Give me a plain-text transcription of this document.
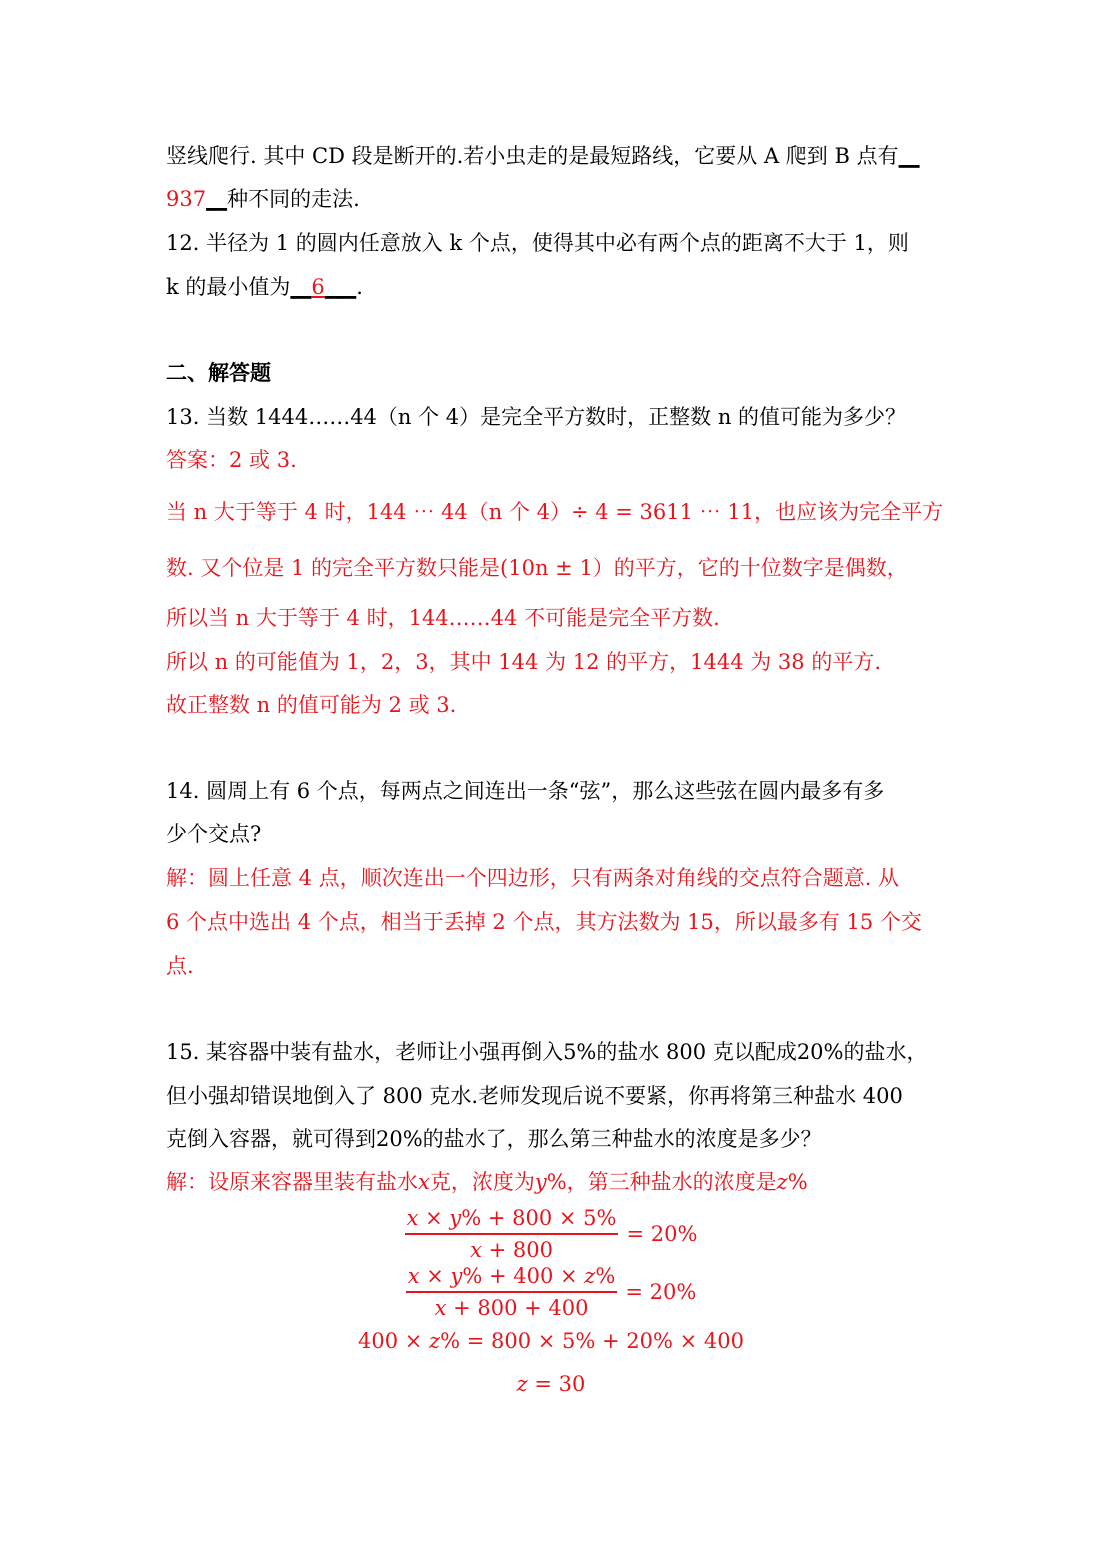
竖线爬行. 其中 CD 段是断开的.若小虫走的是最短路线，它要从 A 爬到 B 点有__
937__种不同的走法.
12. 半径为 1 的圆内任意放入 k 个点，使得其中必有两个点的距离不大于 1，则
k 的最小值为__6___.
二、解答题
13. 当数 1444……44（n 个 4）是完全平方数时，正整数 n 的值可能为多少？
答案：2 或 3.
当 n 大于等于 4 时，144 ⋯ 44（n 个 4）÷ 4 = 3611 ⋯ 11，也应该为完全平方
数. 又个位是 1 的完全平方数只能是(10n ± 1）的平方，它的十位数字是偶数，
所以当 n 大于等于 4 时，144……44 不可能是完全平方数.
所以 n 的可能值为 1，2，3，其中 144 为 12 的平方，1444 为 38 的平方.
故正整数 n 的值可能为 2 或 3.
14. 圆周上有 6 个点，每两点之间连出一条“弦”，那么这些弦在圆内最多有多
少个交点?
解：圆上任意 4 点，顺次连出一个四边形，只有两条对角线的交点符合题意. 从
6 个点中选出 4 个点，相当于丢掉 2 个点，其方法数为 15，所以最多有 15 个交
点.
15. 某容器中装有盐水，老师让小强再倒入5%的盐水 800 克以配成20%的盐水，
但小强却错误地倒入了 800 克水.老师发现后说不要紧，你再将第三种盐水 400
克倒入容器，就可得到20%的盐水了，那么第三种盐水的浓度是多少？
解：设原来容器里装有盐水𝑥克，浓度为𝑦%，第三种盐水的浓度是𝑧%
$\frac{\text{𝑥 × 𝑦\% + 800 × 5\%}}{\text{𝑥 + 800}} = 20\%$
$\frac{\text{𝑥 × 𝑦\% + 400 × 𝑧\%}}{\text{𝑥 + 800 + 400}} = 20\%$
400 × 𝑧% = 800 × 5% + 20% × 400
𝑧 = 30
